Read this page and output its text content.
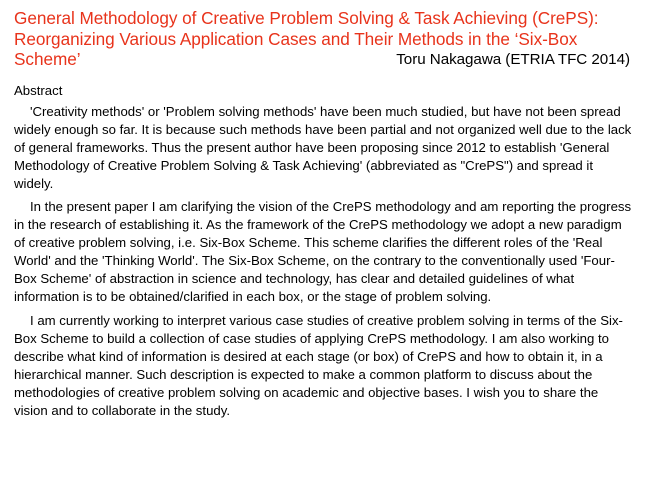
General Methodology of Creative Problem Solving & Task Achieving (CrePS):
Reorganizing Various Application Cases and Their Methods in the ‘Six-Box
Scheme’	Toru Nakagawa (ETRIA TFC 2014)
Abstract

'Creativity methods' or 'Problem solving methods' have been much studied, but have not been spread widely enough so far. It is because such methods have been partial and not organized well due to the lack of general frameworks. Thus the present author have been proposing since 2012 to establish 'General Methodology of Creative Problem Solving & Task Achieving' (abbreviated as "CrePS") and spread it widely.

In the present paper I am clarifying the vision of the CrePS methodology and am reporting the progress in the research of establishing it. As the framework of the CrePS methodology we adopt a new paradigm of creative problem solving, i.e. Six-Box Scheme. This scheme clarifies the different roles of the 'Real World' and the 'Thinking World'. The Six-Box Scheme, on the contrary to the conventionally used 'Four-Box Scheme' of abstraction in science and technology, has clear and detailed guidelines of what information is to be obtained/clarified in each box, or the stage of problem solving.

I am currently working to interpret various case studies of creative problem solving in terms of the Six-Box Scheme to build a collection of case studies of applying CrePS methodology. I am also working to describe what kind of information is desired at each stage (or box) of CrePS and how to obtain it, in a hierarchical manner. Such description is expected to make a common platform to discuss about the methodologies of creative problem solving on academic and objective bases. I wish you to share the vision and to collaborate in the study.
